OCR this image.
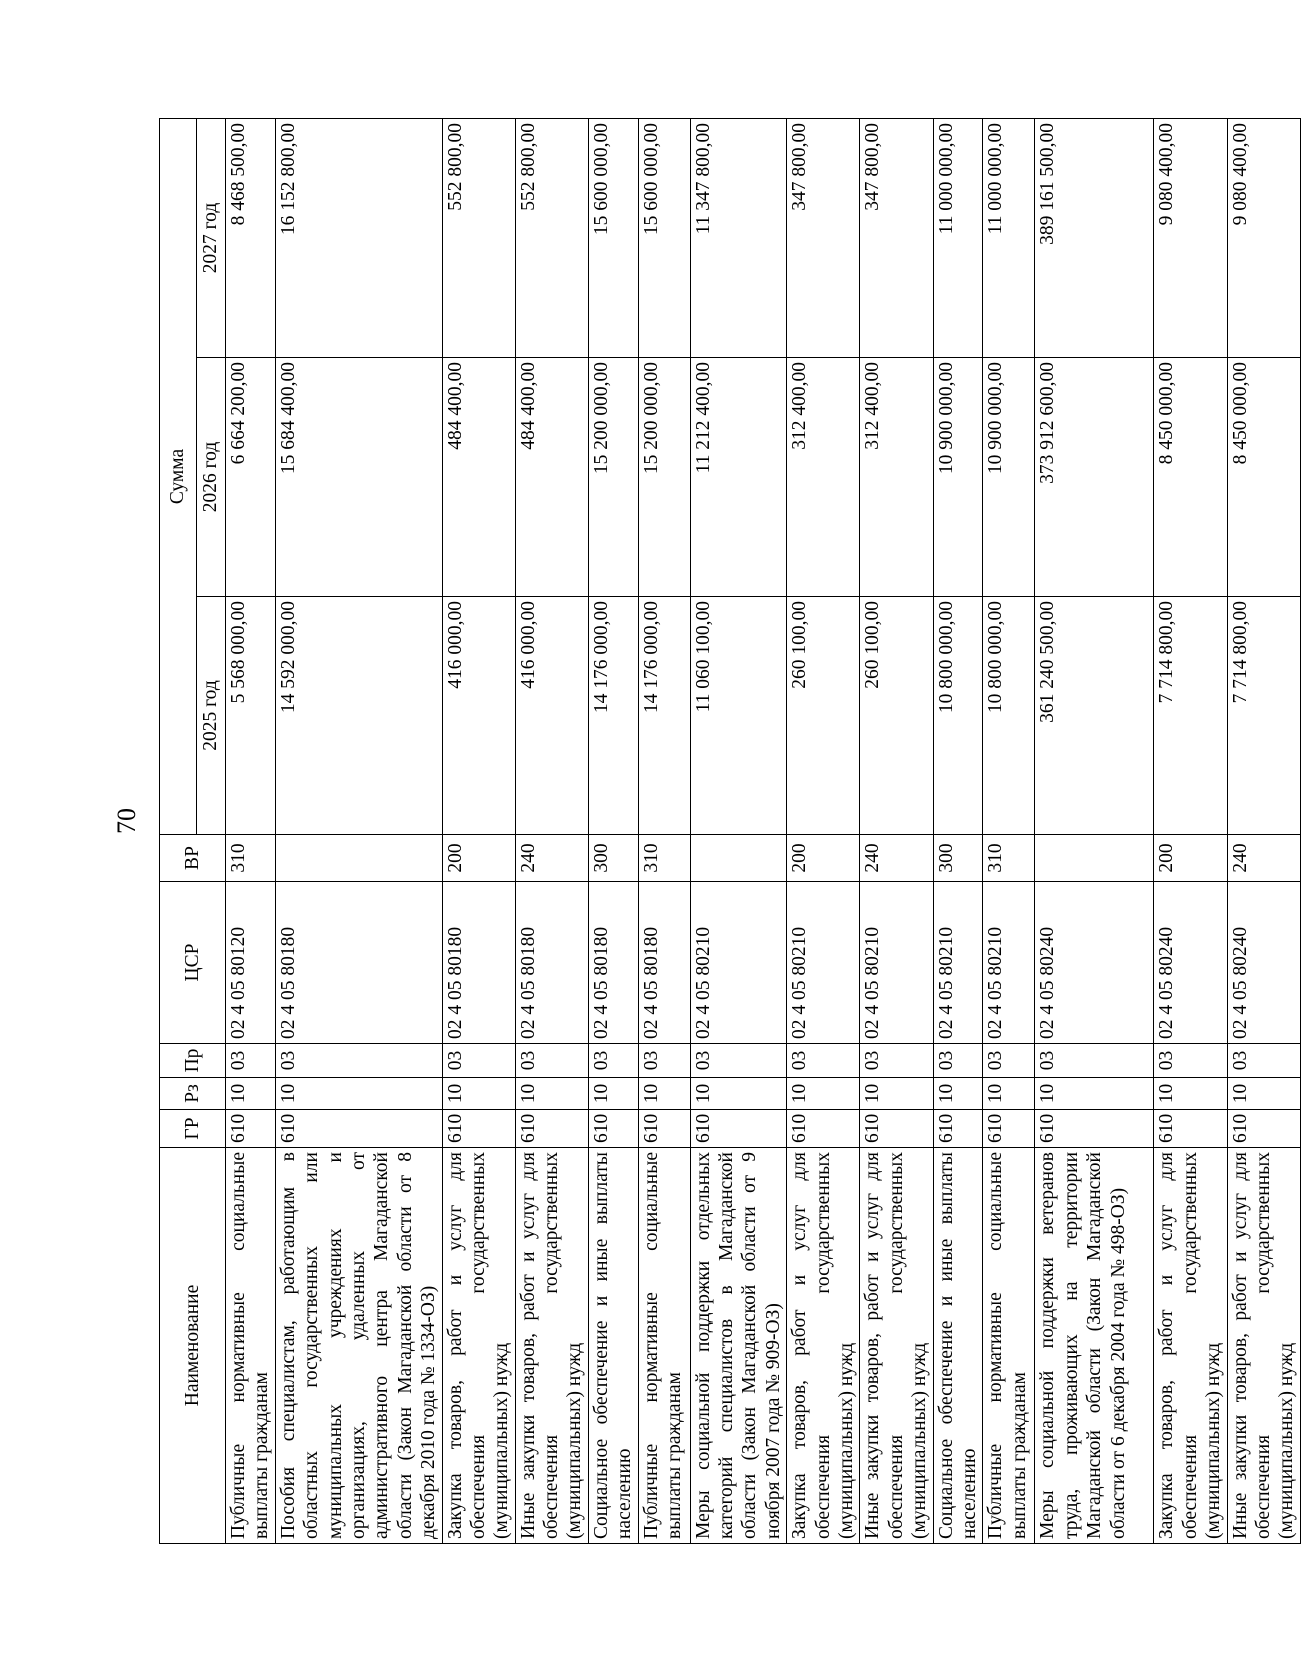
70
Наименование	ГР	Рз	Пр	ЦСР	ВР	Сумма		
						2025 год	2026 год	2027 год
Публичные нормативные социальные выплаты гражданам	610	10	03	02 4 05 80120	310	5 568 000,00	6 664 200,00	8 468 500,00
Пособия специалистам, работающим в областных государственных или муниципальных учреждениях и организациях, удаленных от административного центра Магаданской области (Закон Магаданской области от 8 декабря 2010 года № 1334-ОЗ)	610	10	03	02 4 05 80180		14 592 000,00	15 684 400,00	16 152 800,00
Закупка товаров, работ и услуг для обеспечения государственных (муниципальных) нужд	610	10	03	02 4 05 80180	200	416 000,00	484 400,00	552 800,00
Иные закупки товаров, работ и услуг для обеспечения государственных (муниципальных) нужд	610	10	03	02 4 05 80180	240	416 000,00	484 400,00	552 800,00
Социальное обеспечение и иные выплаты населению	610	10	03	02 4 05 80180	300	14 176 000,00	15 200 000,00	15 600 000,00
Публичные нормативные социальные выплаты гражданам	610	10	03	02 4 05 80180	310	14 176 000,00	15 200 000,00	15 600 000,00
Меры социальной поддержки отдельных категорий специалистов в Магаданской области (Закон Магаданской области от 9 ноября 2007 года № 909-ОЗ)	610	10	03	02 4 05 80210		11 060 100,00	11 212 400,00	11 347 800,00
Закупка товаров, работ и услуг для обеспечения государственных (муниципальных) нужд	610	10	03	02 4 05 80210	200	260 100,00	312 400,00	347 800,00
Иные закупки товаров, работ и услуг для обеспечения государственных (муниципальных) нужд	610	10	03	02 4 05 80210	240	260 100,00	312 400,00	347 800,00
Социальное обеспечение и иные выплаты населению	610	10	03	02 4 05 80210	300	10 800 000,00	10 900 000,00	11 000 000,00
Публичные нормативные социальные выплаты гражданам	610	10	03	02 4 05 80210	310	10 800 000,00	10 900 000,00	11 000 000,00
Меры социальной поддержки ветеранов труда, проживающих на территории Магаданской области (Закон Магаданской области от 6 декабря 2004 года № 498-ОЗ)	610	10	03	02 4 05 80240		361 240 500,00	373 912 600,00	389 161 500,00
Закупка товаров, работ и услуг для обеспечения государственных (муниципальных) нужд	610	10	03	02 4 05 80240	200	7 714 800,00	8 450 000,00	9 080 400,00
Иные закупки товаров, работ и услуг для обеспечения государственных (муниципальных) нужд	610	10	03	02 4 05 80240	240	7 714 800,00	8 450 000,00	9 080 400,00
